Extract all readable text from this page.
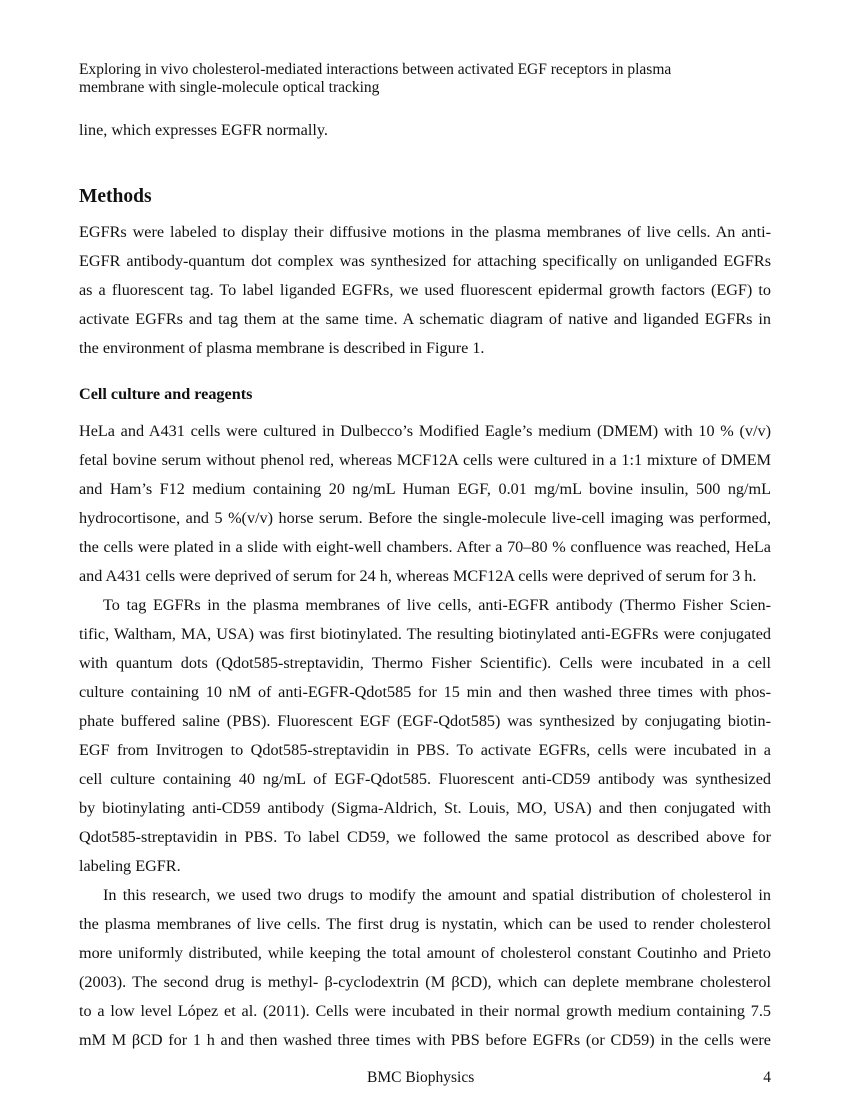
Exploring in vivo cholesterol-mediated interactions between activated EGF receptors in plasma
membrane with single-molecule optical tracking
line, which expresses EGFR normally.
Methods
EGFRs were labeled to display their diffusive motions in the plasma membranes of live cells. An anti-
EGFR antibody-quantum dot complex was synthesized for attaching specifically on unliganded EGFRs
as a fluorescent tag. To label liganded EGFRs, we used fluorescent epidermal growth factors (EGF) to
activate EGFRs and tag them at the same time. A schematic diagram of native and liganded EGFRs in
the environment of plasma membrane is described in Figure 1.
Cell culture and reagents
HeLa and A431 cells were cultured in Dulbecco’s Modified Eagle’s medium (DMEM) with 10 % (v/v)
fetal bovine serum without phenol red, whereas MCF12A cells were cultured in a 1:1 mixture of DMEM
and Ham’s F12 medium containing 20 ng/mL Human EGF, 0.01 mg/mL bovine insulin, 500 ng/mL
hydrocortisone, and 5 %(v/v) horse serum. Before the single-molecule live-cell imaging was performed,
the cells were plated in a slide with eight-well chambers. After a 70–80 % confluence was reached, HeLa
and A431 cells were deprived of serum for 24 h, whereas MCF12A cells were deprived of serum for 3 h.
To tag EGFRs in the plasma membranes of live cells, anti-EGFR antibody (Thermo Fisher Scien-
tific, Waltham, MA, USA) was first biotinylated. The resulting biotinylated anti-EGFRs were conjugated
with quantum dots (Qdot585-streptavidin, Thermo Fisher Scientific). Cells were incubated in a cell
culture containing 10 nM of anti-EGFR-Qdot585 for 15 min and then washed three times with phos-
phate buffered saline (PBS). Fluorescent EGF (EGF-Qdot585) was synthesized by conjugating biotin-
EGF from Invitrogen to Qdot585-streptavidin in PBS. To activate EGFRs, cells were incubated in a
cell culture containing 40 ng/mL of EGF-Qdot585. Fluorescent anti-CD59 antibody was synthesized
by biotinylating anti-CD59 antibody (Sigma-Aldrich, St. Louis, MO, USA) and then conjugated with
Qdot585-streptavidin in PBS. To label CD59, we followed the same protocol as described above for
labeling EGFR.
In this research, we used two drugs to modify the amount and spatial distribution of cholesterol in
the plasma membranes of live cells. The first drug is nystatin, which can be used to render cholesterol
more uniformly distributed, while keeping the total amount of cholesterol constant Coutinho and Prieto
(2003). The second drug is methyl- β-cyclodextrin (M βCD), which can deplete membrane cholesterol
to a low level López et al. (2011). Cells were incubated in their normal growth medium containing 7.5
mM M βCD for 1 h and then washed three times with PBS before EGFRs (or CD59) in the cells were
BMC Biophysics	4
